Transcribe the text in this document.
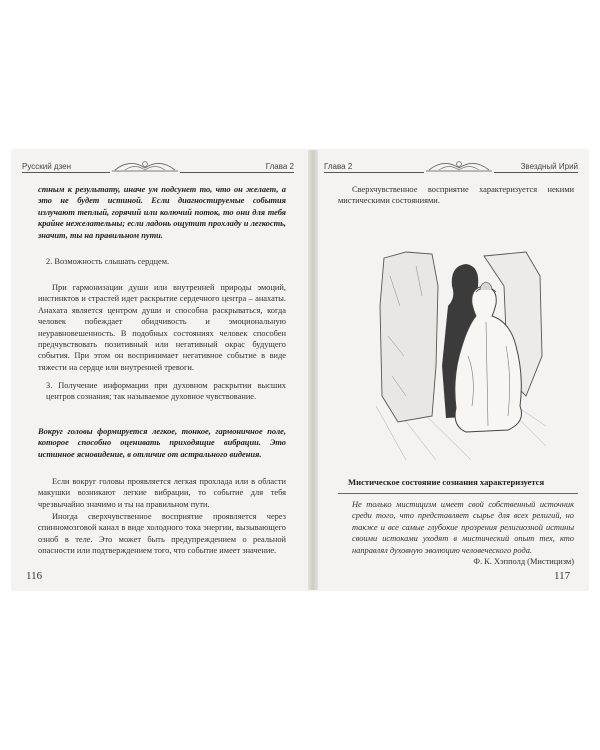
Русский дзен	Глава 2
стным к результату, иначе ум подсунет то, что он желает, а это не будет истиной. Если диагностируемые события излучают теплый, горячий или колючий поток, то они для тебя крайне нежелательны; если ладонь ощутит прохладу и легкость, значит, ты на правильном пути.
2. Возможность слышать сердцем.
При гармонизации души или внутренней природы эмоций, инстинктов и страстей идет раскрытие сердечного центра – анахаты. Анахата является центром души и способна раскрываться, когда человек побеждает обидчивость и эмоциональную неуравновешенность. В подобных состояниях человек способен предчувствовать позитивный или негативный окрас будущего события. При этом он воспринимает негативное событие в виде тяжести на сердце или внутренней тревоги.
3. Получение информации при духовном раскрытии высших центров сознания; так называемое духовное чувствование.
Вокруг головы формируется легкое, тонкое, гармоничное поле, которое способно оценивать приходящие вибрации. Это истинное ясновидение, в отличие от астрального видения.
Если вокруг головы проявляется легкая прохлада или в области макушки возникают легкие вибрации, то событие для тебя чрезвычайно значимо и ты на правильном пути.
Иногда сверхчувственное восприятие проявляется через спинномозговой канал в виде холодного тока энергии, вызывающего озноб в теле. Это может быть предупреждением о реальной опасности или подтверждением того, что событие имеет значение.
116
Глава 2	Звездный Ирий
Сверхчувственное восприятие характеризуется некими мистическими состояниями.
Мистическое состояние сознания характеризуется
Не только мистицизм имеет свой собственный источник среди того, что представляет сырье для всех религий, но также и все самые глубокие прозрения религиозной истины своими истоками уходят в мистический опыт тех, кто направлял духовную эволюцию человеческого рода.
Ф. К. Хэпполд (Мистицизм)
117
